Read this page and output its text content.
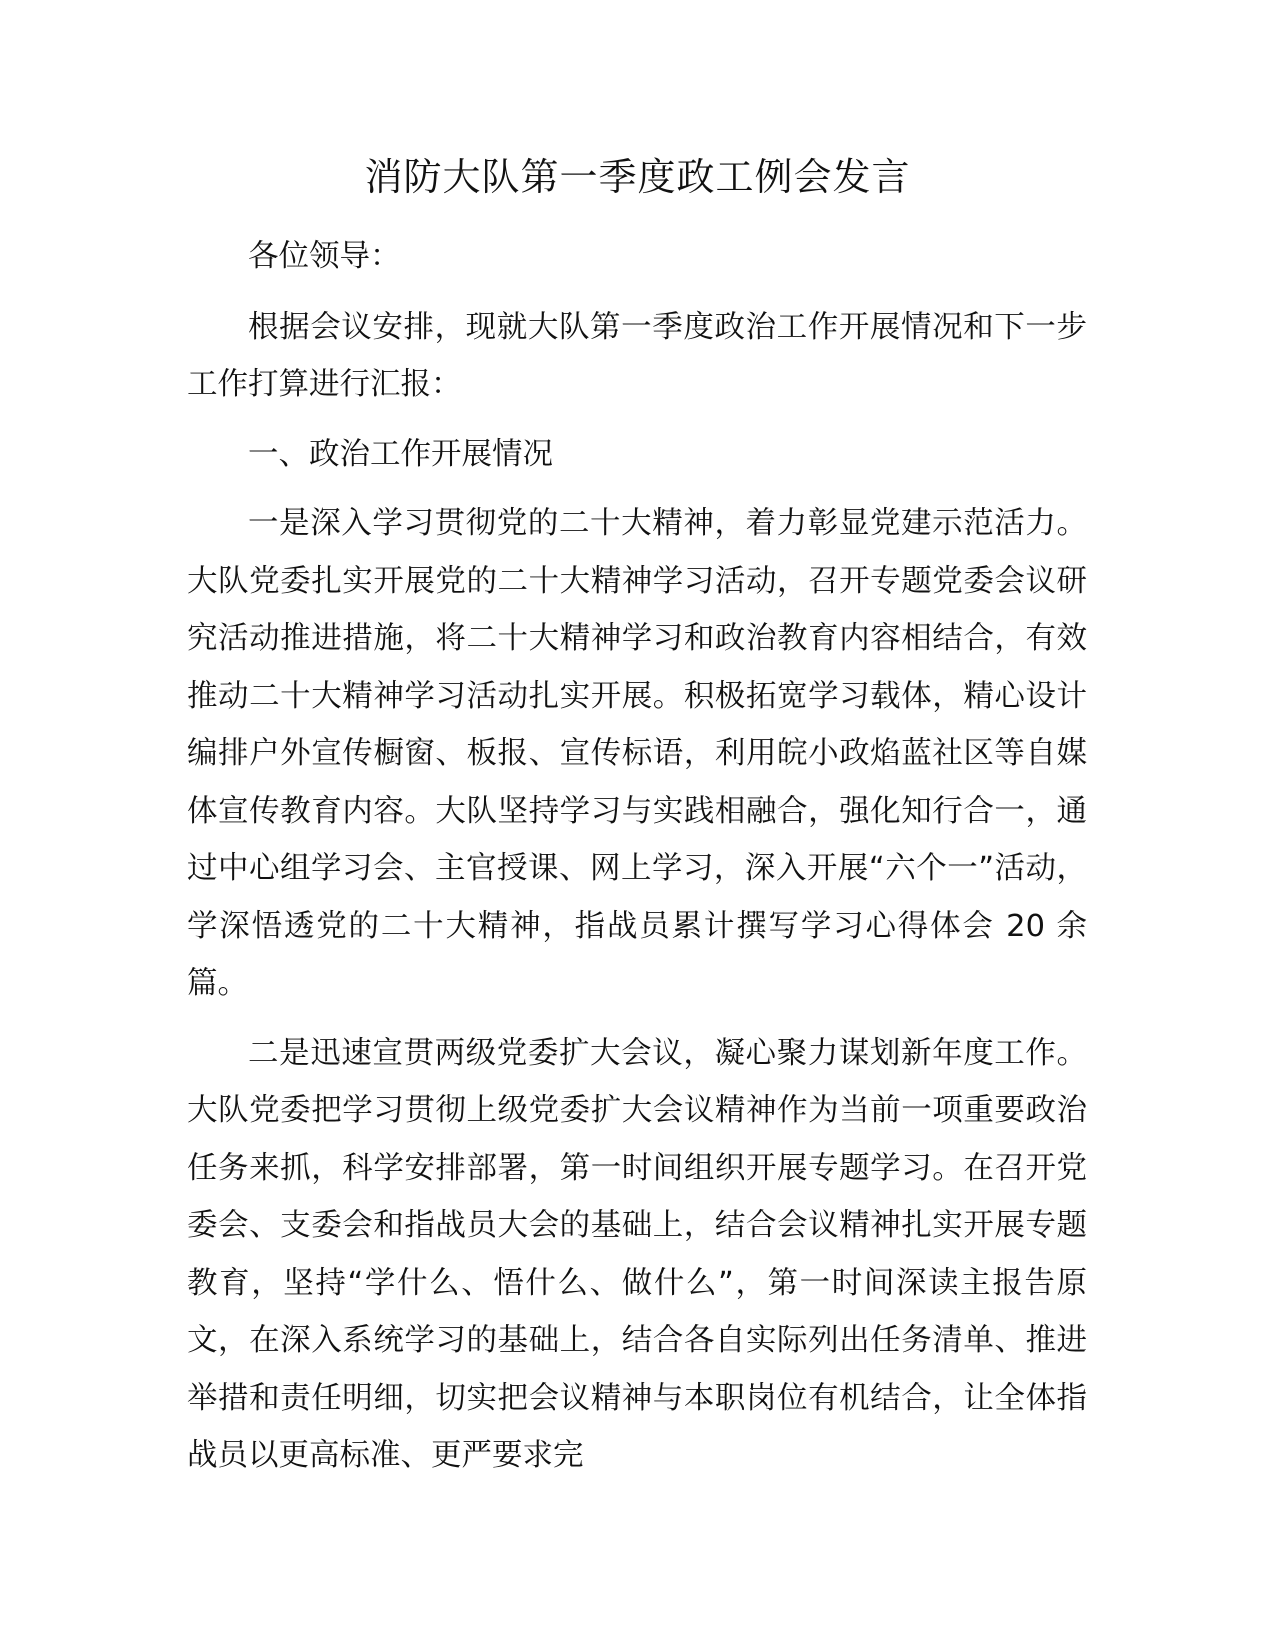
消防大队第一季度政工例会发言

各位领导：

根据会议安排，现就大队第一季度政治工作开展情况和下一步工作打算进行汇报：

一、政治工作开展情况

一是深入学习贯彻党的二十大精神，着力彰显党建示范活力。大队党委扎实开展党的二十大精神学习活动，召开专题党委会议研究活动推进措施，将二十大精神学习和政治教育内容相结合，有效推动二十大精神学习活动扎实开展。积极拓宽学习载体，精心设计编排户外宣传橱窗、板报、宣传标语，利用皖小政焰蓝社区等自媒体宣传教育内容。大队坚持学习与实践相融合，强化知行合一，通过中心组学习会、主官授课、网上学习，深入开展“六个一”活动，学深悟透党的二十大精神，指战员累计撰写学习心得体会 20 余篇。

二是迅速宣贯两级党委扩大会议，凝心聚力谋划新年度工作。大队党委把学习贯彻上级党委扩大会议精神作为当前一项重要政治任务来抓，科学安排部署，第一时间组织开展专题学习。在召开党委会、支委会和指战员大会的基础上，结合会议精神扎实开展专题教育，坚持“学什么、悟什么、做什么”，第一时间深读主报告原文，在深入系统学习的基础上，结合各自实际列出任务清单、推进举措和责任明细，切实把会议精神与本职岗位有机结合，让全体指战员以更高标准、更严要求完
